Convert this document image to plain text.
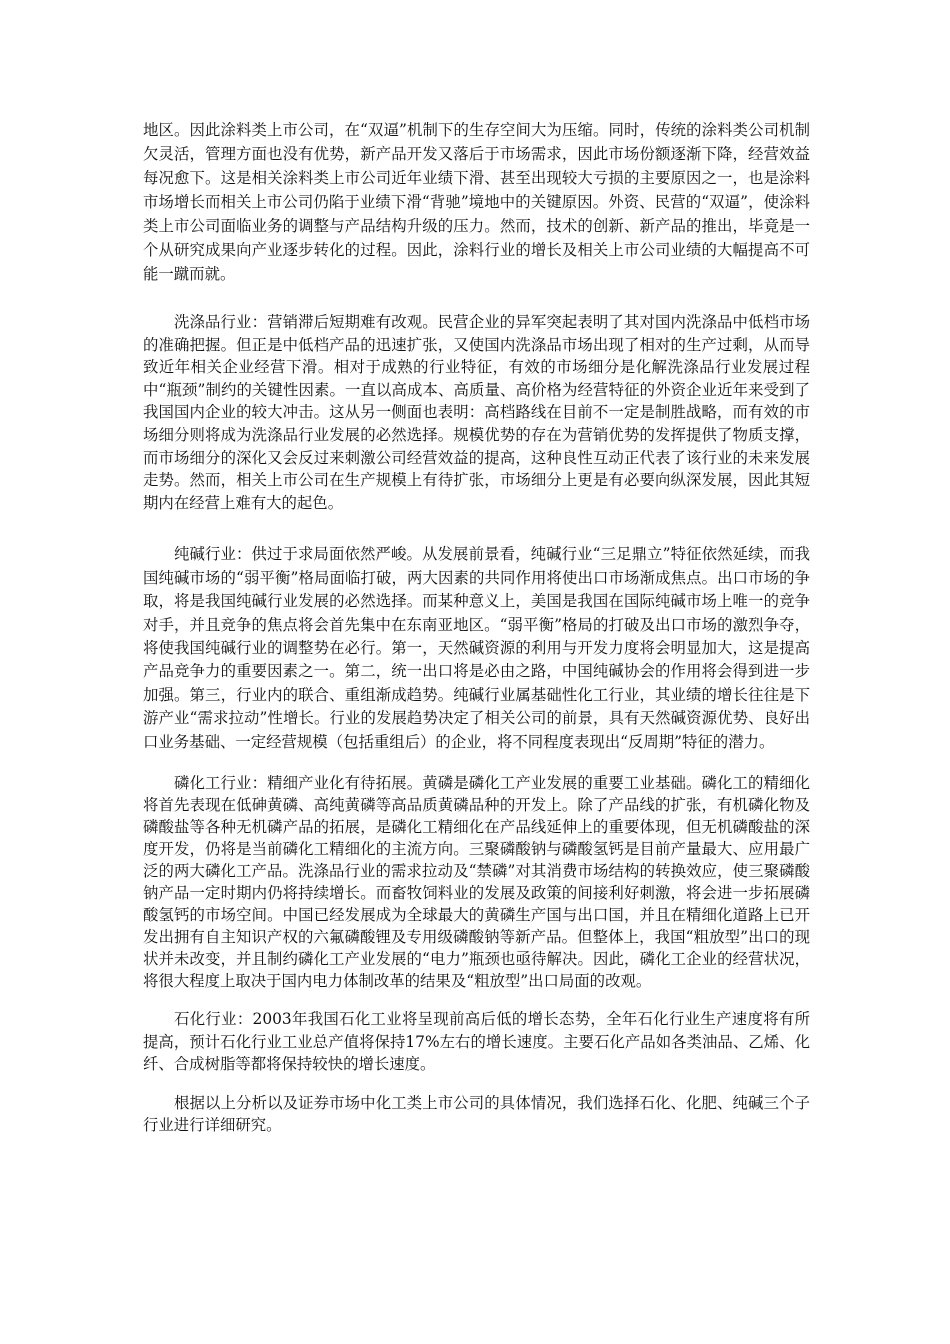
地区。因此涂料类上市公司，在“双逼”机制下的生存空间大为压缩。同时，传统的涂料类公司机制欠灵活，管理方面也没有优势，新产品开发又落后于市场需求，因此市场份额逐渐下降，经营效益每况愈下。这是相关涂料类上市公司近年业绩下滑、甚至出现较大亏损的主要原因之一，也是涂料市场增长而相关上市公司仍陷于业绩下滑“背驰”境地中的关键原因。外资、民营的“双逼”，使涂料类上市公司面临业务的调整与产品结构升级的压力。然而，技术的创新、新产品的推出，毕竟是一个从研究成果向产业逐步转化的过程。因此，涂料行业的增长及相关上市公司业绩的大幅提高不可能一蹴而就。

洗涤品行业：营销滞后短期难有改观。民营企业的异军突起表明了其对国内洗涤品中低档市场的准确把握。但正是中低档产品的迅速扩张，又使国内洗涤品市场出现了相对的生产过剩，从而导致近年相关企业经营下滑。相对于成熟的行业特征，有效的市场细分是化解洗涤品行业发展过程中“瓶颈”制约的关键性因素。一直以高成本、高质量、高价格为经营特征的外资企业近年来受到了我国国内企业的较大冲击。这从另一侧面也表明：高档路线在目前不一定是制胜战略，而有效的市场细分则将成为洗涤品行业发展的必然选择。规模优势的存在为营销优势的发挥提供了物质支撑，而市场细分的深化又会反过来刺激公司经营效益的提高，这种良性互动正代表了该行业的未来发展走势。然而，相关上市公司在生产规模上有待扩张，市场细分上更是有必要向纵深发展，因此其短期内在经营上难有大的起色。

纯碱行业：供过于求局面依然严峻。从发展前景看，纯碱行业“三足鼎立”特征依然延续，而我国纯碱市场的“弱平衡”格局面临打破，两大因素的共同作用将使出口市场渐成焦点。出口市场的争取，将是我国纯碱行业发展的必然选择。而某种意义上，美国是我国在国际纯碱市场上唯一的竞争对手，并且竞争的焦点将会首先集中在东南亚地区。“弱平衡”格局的打破及出口市场的激烈争夺，将使我国纯碱行业的调整势在必行。第一，天然碱资源的利用与开发力度将会明显加大，这是提高产品竞争力的重要因素之一。第二，统一出口将是必由之路，中国纯碱协会的作用将会得到进一步加强。第三，行业内的联合、重组渐成趋势。纯碱行业属基础性化工行业，其业绩的增长往往是下游产业“需求拉动”性增长。行业的发展趋势决定了相关公司的前景，具有天然碱资源优势、良好出口业务基础、一定经营规模（包括重组后）的企业，将不同程度表现出“反周期”特征的潜力。

磷化工行业：精细产业化有待拓展。黄磷是磷化工产业发展的重要工业基础。磷化工的精细化将首先表现在低砷黄磷、高纯黄磷等高品质黄磷品种的开发上。除了产品线的扩张，有机磷化物及磷酸盐等各种无机磷产品的拓展，是磷化工精细化在产品线延伸上的重要体现，但无机磷酸盐的深度开发，仍将是当前磷化工精细化的主流方向。三聚磷酸钠与磷酸氢钙是目前产量最大、应用最广泛的两大磷化工产品。洗涤品行业的需求拉动及“禁磷”对其消费市场结构的转换效应，使三聚磷酸钠产品一定时期内仍将持续增长。而畜牧饲料业的发展及政策的间接利好刺激，将会进一步拓展磷酸氢钙的市场空间。中国已经发展成为全球最大的黄磷生产国与出口国，并且在精细化道路上已开发出拥有自主知识产权的六氟磷酸锂及专用级磷酸钠等新产品。但整体上，我国“粗放型”出口的现状并未改变，并且制约磷化工产业发展的“电力”瓶颈也亟待解决。因此，磷化工企业的经营状况，将很大程度上取决于国内电力体制改革的结果及“粗放型”出口局面的改观。

石化行业：2003年我国石化工业将呈现前高后低的增长态势，全年石化行业生产速度将有所提高，预计石化行业工业总产值将保持17%左右的增长速度。主要石化产品如各类油品、乙烯、化纤、合成树脂等都将保持较快的增长速度。

根据以上分析以及证券市场中化工类上市公司的具体情况，我们选择石化、化肥、纯碱三个子行业进行详细研究。
